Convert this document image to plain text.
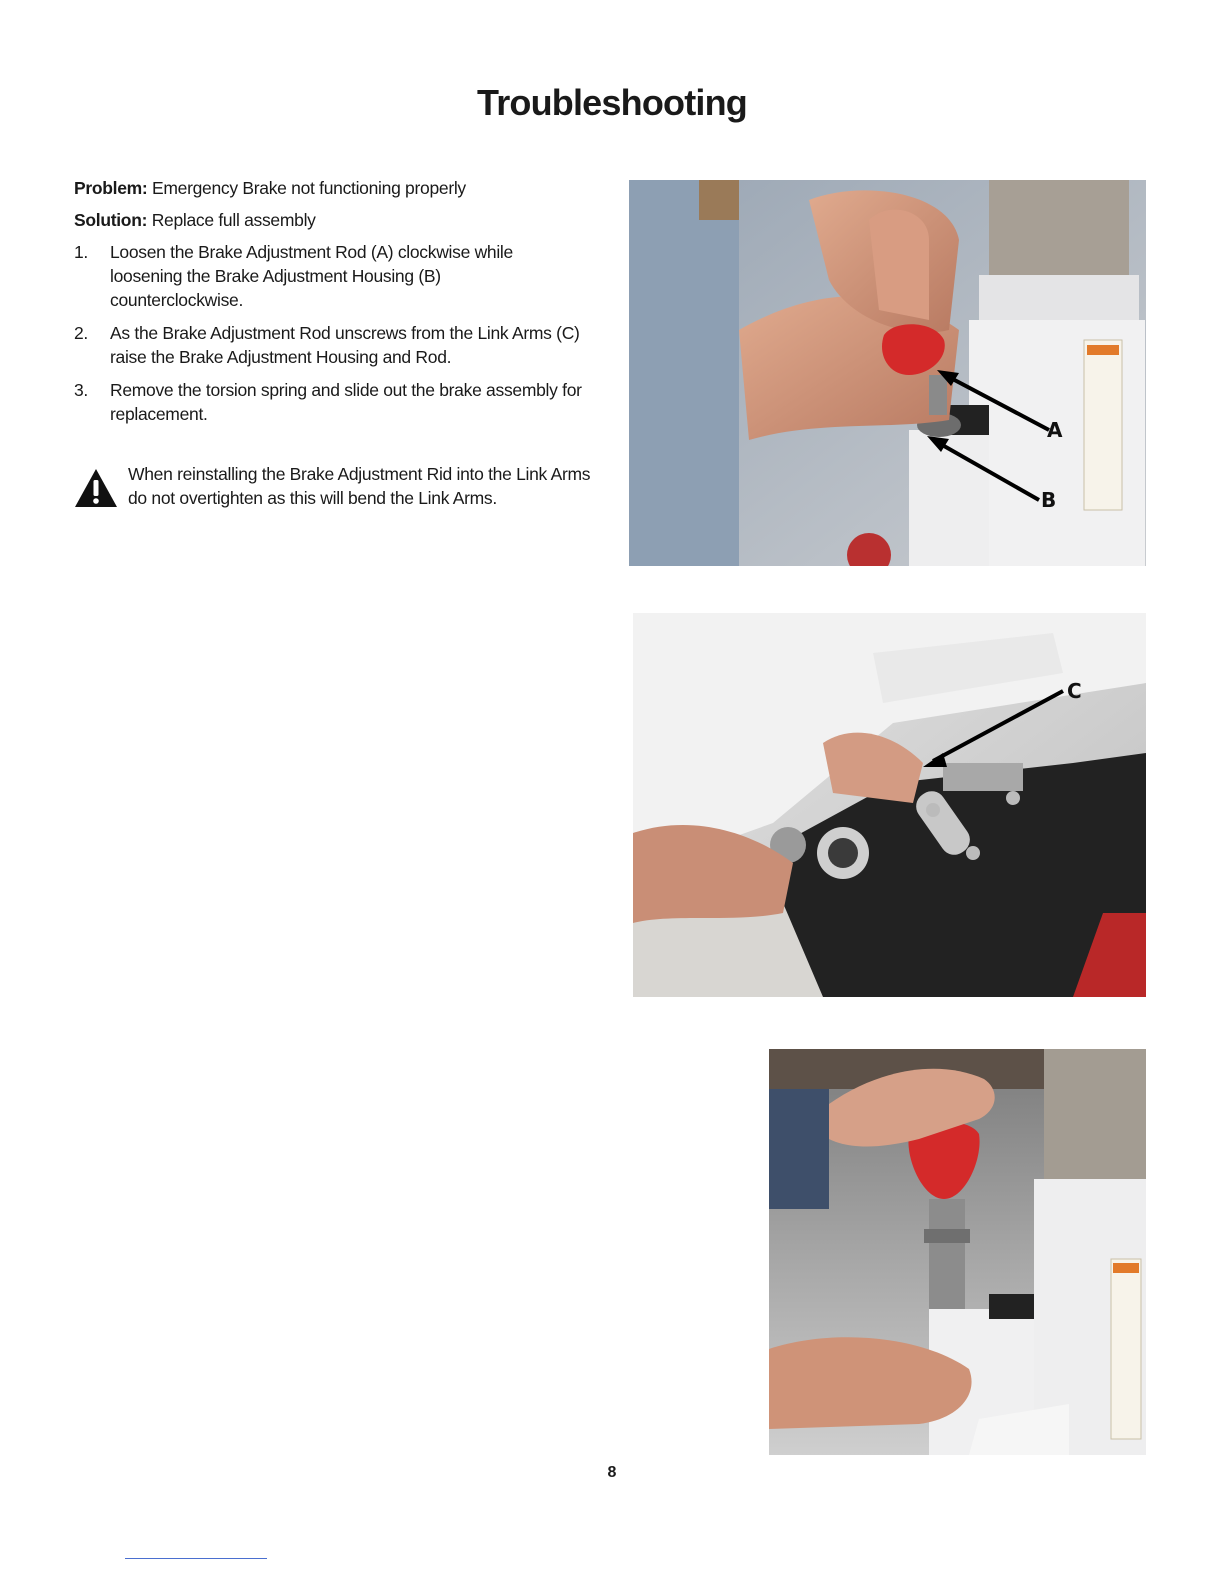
Troubleshooting

Problem: Emergency Brake not functioning properly

Solution: Replace full assembly

1. Loosen the Brake Adjustment Rod (A) clockwise while loosening the Brake Adjustment Housing (B) counterclockwise.
2. As the Brake Adjustment Rod unscrews from the Link Arms (C) raise the Brake Adjustment Housing and Rod.
3. Remove the torsion spring and slide out the brake assembly for replacement.
When reinstalling the Brake Adjustment Rid into the Link Arms do not overtighten as this will bend the Link Arms.
A
B
C
8
